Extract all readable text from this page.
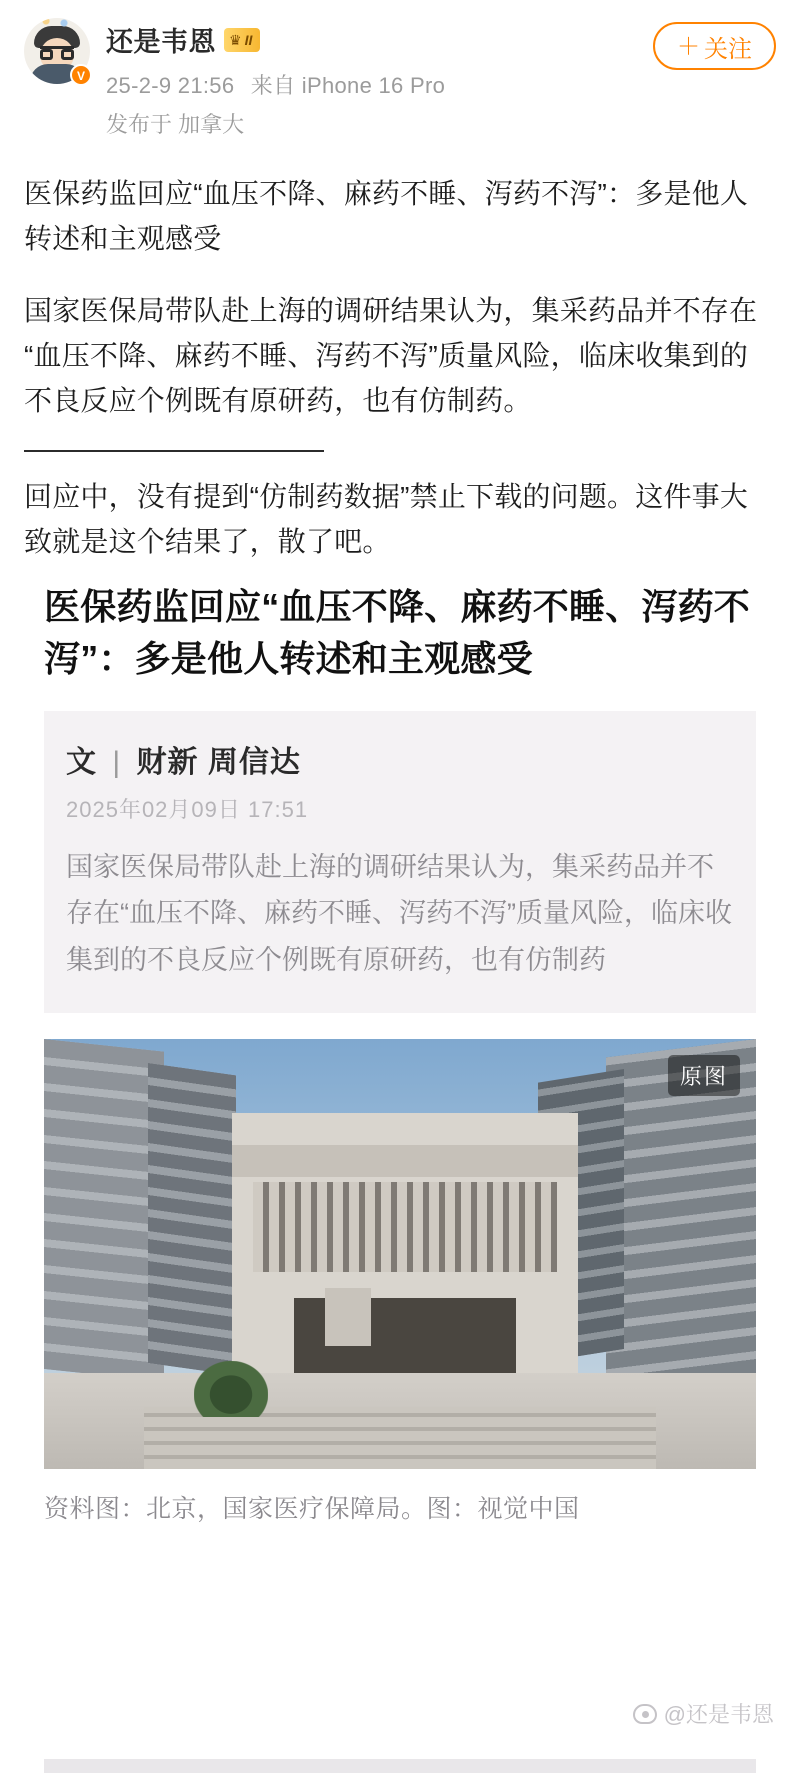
V
还是韦恩 ♛ II
25-2-9 21:56 来自 iPhone 16 Pro
发布于 加拿大
＋ 关注

医保药监回应“血压不降、麻药不睡、泻药不泻”：多是他人转述和主观感受

国家医保局带队赴上海的调研结果认为，集采药品并不存在“血压不降、麻药不睡、泻药不泻”质量风险，临床收集到的不良反应个例既有原研药，也有仿制药。

回应中，没有提到“仿制药数据”禁止下载的问题。这件事大致就是这个结果了，散了吧。

医保药监回应“血压不降、麻药不睡、泻药不泻”：多是他人转述和主观感受
文 | 财新 周信达
2025年02月09日 17:51
国家医保局带队赴上海的调研结果认为，集采药品并不存在“血压不降、麻药不睡、泻药不泻”质量风险，临床收集到的不良反应个例既有原研药，也有仿制药
原图
资料图：北京，国家医疗保障局。图：视觉中国
@还是韦恩
